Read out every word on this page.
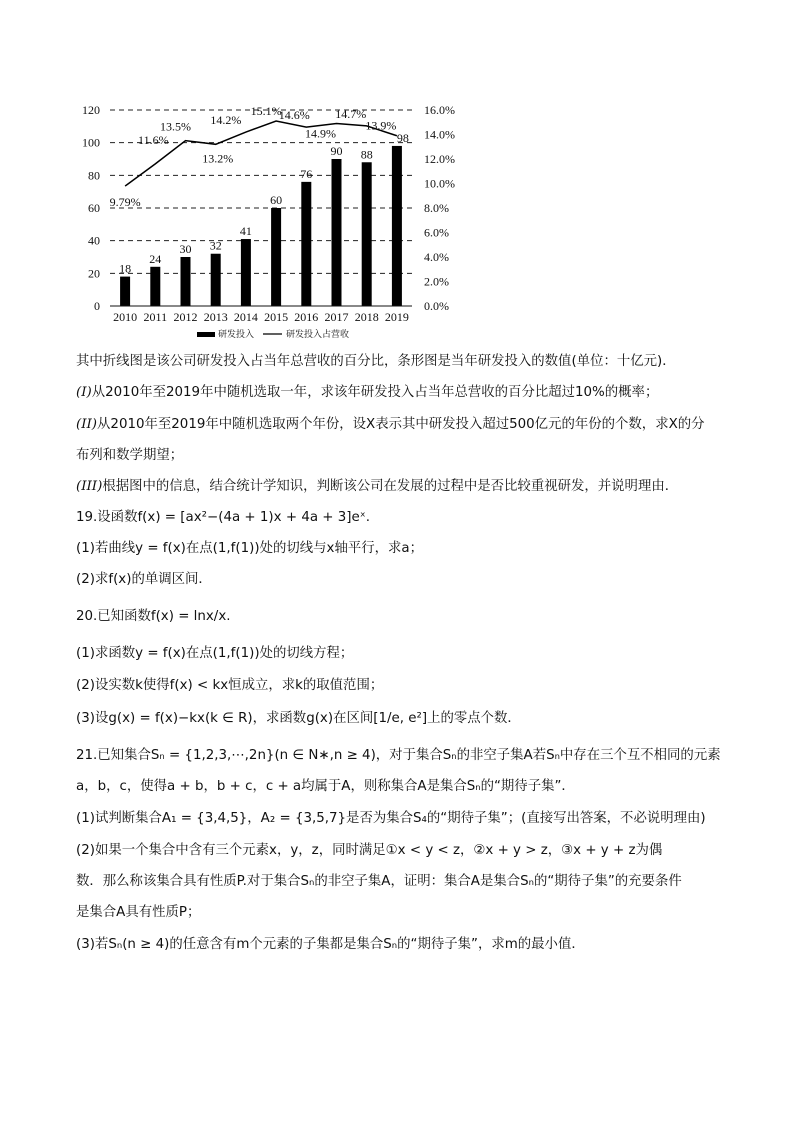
18
24
30 32
41
60
76
90 88
98
9.79%
11.6%
13.5%
13.2%
14.2%
15.1%
14.6%
14.9%
14.7%
13.9%
0
20
40
60
80
100
120
0.0%
2.0%
4.0%
6.0%
8.0%
10.0%
12.0%
14.0%
16.0%
2010 2011 2012 2013 2014 2015 2016 2017 2018 2019
研发投入	研发投入占营收
其中折线图是该公司研发投入占当年总营收的百分比，条形图是当年研发投入的数值(单位：十亿元)．
(I)从2010年至2019年中随机选取一年，求该年研发投入占当年总营收的百分比超过10%的概率；
(II)从2010年至2019年中随机选取两个年份，设X表示其中研发投入超过500亿元的年份的个数，求X的分
布列和数学期望；
(III)根据图中的信息，结合统计学知识，判断该公司在发展的过程中是否比较重视研发，并说明理由．
19.设函数f(x) = [ax²−(4a + 1)x + 4a + 3]eˣ.
(1)若曲线y = f(x)在点(1,f(1))处的切线与x轴平行，求a；
(2)求f(x)的单调区间．
20.已知函数f(x) = lnx/x.
(1)求函数y = f(x)在点(1,f(1))处的切线方程；
(2)设实数k使得f(x) < kx恒成立，求k的取值范围；
(3)设g(x) = f(x)−kx(k ∈ R)，求函数g(x)在区间[1/e, e²]上的零点个数．
21.已知集合Sₙ = {1,2,3,⋯,2n}(n ∈ N∗,n ≥ 4)，对于集合Sₙ的非空子集A若Sₙ中存在三个互不相同的元素
a，b，c，使得a + b，b + c，c + a均属于A，则称集合A是集合Sₙ的“期待子集”．
(1)试判断集合A₁ = {3,4,5}，A₂ = {3,5,7}是否为集合S₄的“期待子集”；(直接写出答案，不必说明理由)
(2)如果一个集合中含有三个元素x，y，z，同时满足①x < y < z，②x + y > z，③x + y + z为偶
数．那么称该集合具有性质P.对于集合Sₙ的非空子集A，证明：集合A是集合Sₙ的“期待子集”的充要条件
是集合A具有性质P；
(3)若Sₙ(n ≥ 4)的任意含有m个元素的子集都是集合Sₙ的“期待子集”，求m的最小值．
